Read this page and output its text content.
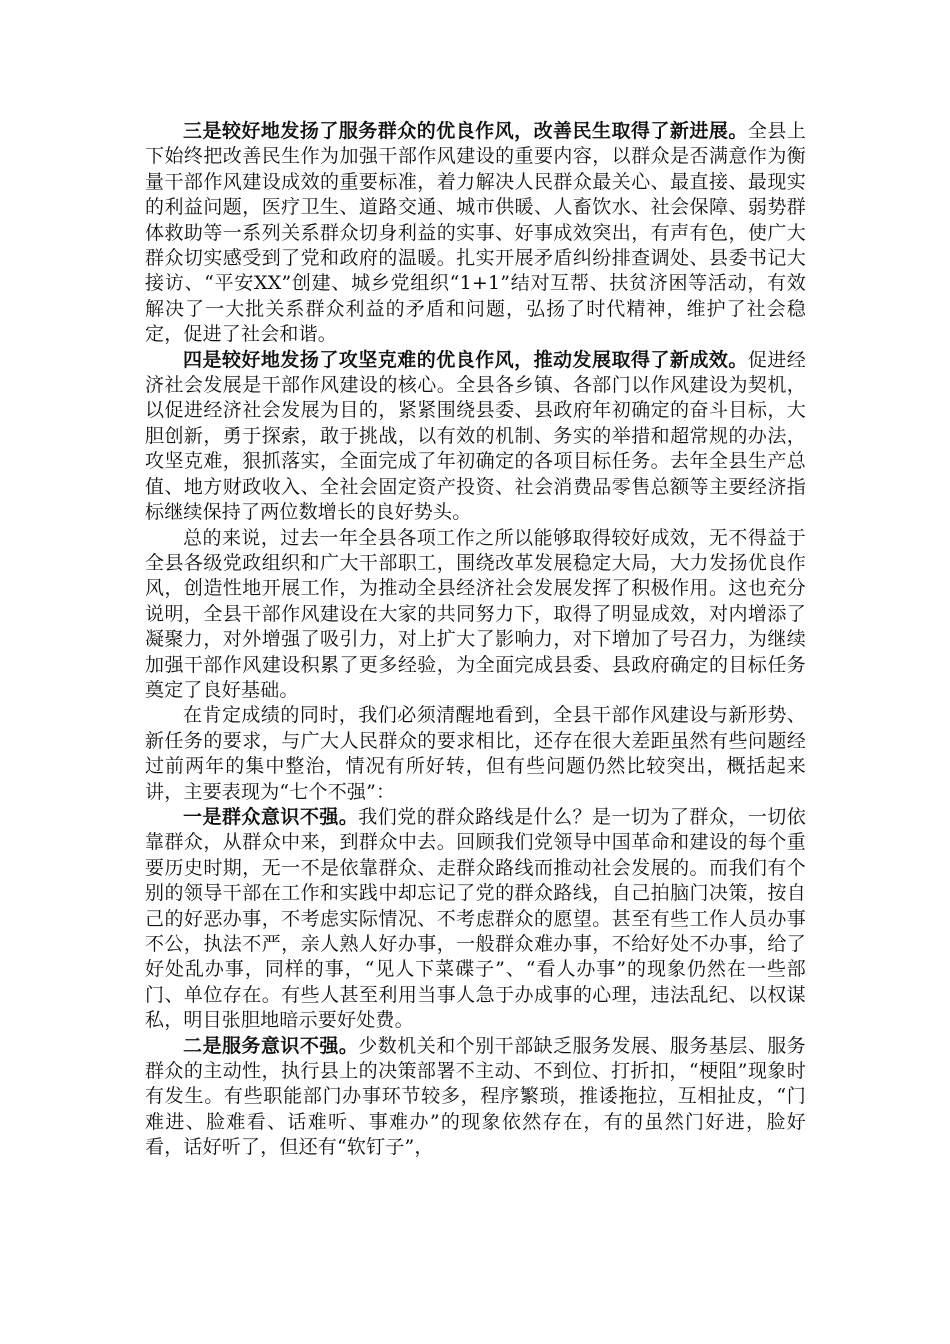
三是较好地发扬了服务群众的优良作风，改善民生取得了新进展。全县上下始终把改善民生作为加强干部作风建设的重要内容，以群众是否满意作为衡量干部作风建设成效的重要标准，着力解决人民群众最关心、最直接、最现实的利益问题，医疗卫生、道路交通、城市供暖、人畜饮水、社会保障、弱势群体救助等一系列关系群众切身利益的实事、好事成效突出，有声有色，使广大群众切实感受到了党和政府的温暖。扎实开展矛盾纠纷排查调处、县委书记大接访、“平安XX”创建、城乡党组织“1+1”结对互帮、扶贫济困等活动，有效解决了一大批关系群众利益的矛盾和问题，弘扬了时代精神，维护了社会稳定，促进了社会和谐。

四是较好地发扬了攻坚克难的优良作风，推动发展取得了新成效。促进经济社会发展是干部作风建设的核心。全县各乡镇、各部门以作风建设为契机，以促进经济社会发展为目的，紧紧围绕县委、县政府年初确定的奋斗目标，大胆创新，勇于探索，敢于挑战，以有效的机制、务实的举措和超常规的办法，攻坚克难，狠抓落实，全面完成了年初确定的各项目标任务。去年全县生产总值、地方财政收入、全社会固定资产投资、社会消费品零售总额等主要经济指标继续保持了两位数增长的良好势头。

总的来说，过去一年全县各项工作之所以能够取得较好成效，无不得益于全县各级党政组织和广大干部职工，围绕改革发展稳定大局，大力发扬优良作风，创造性地开展工作，为推动全县经济社会发展发挥了积极作用。这也充分说明，全县干部作风建设在大家的共同努力下，取得了明显成效，对内增添了凝聚力，对外增强了吸引力，对上扩大了影响力，对下增加了号召力，为继续加强干部作风建设积累了更多经验，为全面完成县委、县政府确定的目标任务奠定了良好基础。

在肯定成绩的同时，我们必须清醒地看到，全县干部作风建设与新形势、新任务的要求，与广大人民群众的要求相比，还存在很大差距虽然有些问题经过前两年的集中整治，情况有所好转，但有些问题仍然比较突出，概括起来讲，主要表现为“七个不强”：

一是群众意识不强。我们党的群众路线是什么？是一切为了群众，一切依靠群众，从群众中来，到群众中去。回顾我们党领导中国革命和建设的每个重要历史时期，无一不是依靠群众、走群众路线而推动社会发展的。而我们有个别的领导干部在工作和实践中却忘记了党的群众路线，自己拍脑门决策，按自己的好恶办事，不考虑实际情况、不考虑群众的愿望。甚至有些工作人员办事不公，执法不严，亲人熟人好办事，一般群众难办事，不给好处不办事，给了好处乱办事，同样的事，“见人下菜碟子”、“看人办事”的现象仍然在一些部门、单位存在。有些人甚至利用当事人急于办成事的心理，违法乱纪、以权谋私，明目张胆地暗示要好处费。

二是服务意识不强。少数机关和个别干部缺乏服务发展、服务基层、服务群众的主动性，执行县上的决策部署不主动、不到位、打折扣，“梗阻”现象时有发生。有些职能部门办事环节较多，程序繁琐，推诿拖拉，互相扯皮，“门难进、脸难看、话难听、事难办”的现象依然存在，有的虽然门好进，脸好看，话好听了，但还有“软钉子”，
